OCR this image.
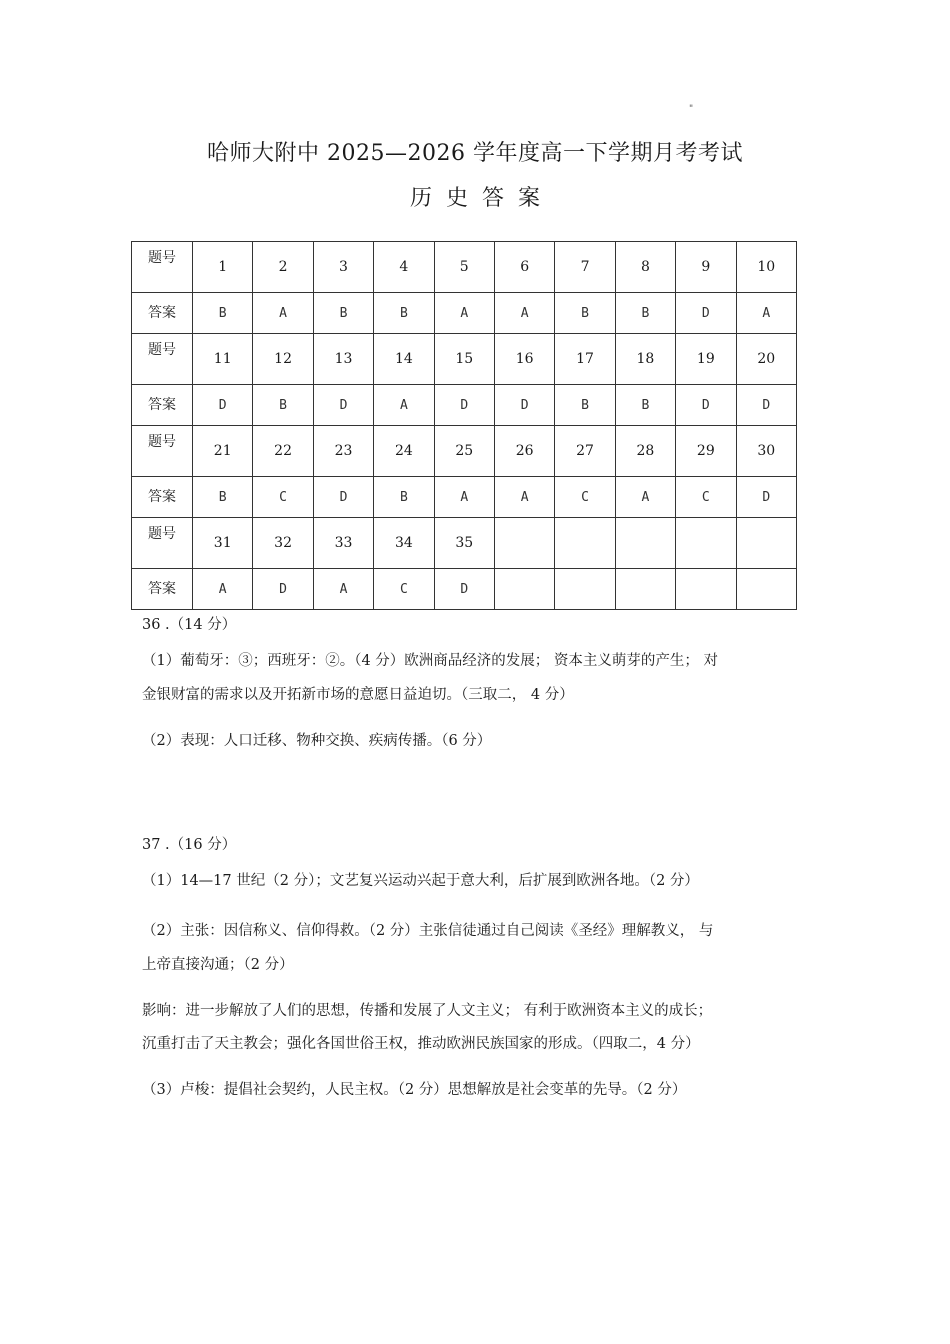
"
哈师大附中 2025—2026 学年度高一下学期月考考试
历史答案
题号	1	2	3	4	5	6	7	8	9	10
答案	B	A	B	B	A	A	B	B	D	A
题号	11	12	13	14	15	16	17	18	19	20
答案	D	B	D	A	D	D	B	B	D	D
题号	21	22	23	24	25	26	27	28	29	30
答案	B	C	D	B	A	A	C	A	C	D
题号	31	32	33	34	35					
答案	A	D	A	C	D					
36 .（14 分）
（1）葡萄牙：③；西班牙：②。（4 分）欧洲商品经济的发展； 资本主义萌芽的产生； 对
金银财富的需求以及开拓新市场的意愿日益迫切。（三取二， 4 分）
（2）表现：人口迁移、物种交换、疾病传播。（6 分）
37 .（16 分）
（1）14—17 世纪（2 分）；文艺复兴运动兴起于意大利，后扩展到欧洲各地。（2 分）
（2）主张：因信称义、信仰得救。（2 分）主张信徒通过自己阅读《圣经》理解教义， 与
上帝直接沟通；（2 分）
影响：进一步解放了人们的思想，传播和发展了人文主义； 有利于欧洲资本主义的成长；
沉重打击了天主教会；强化各国世俗王权，推动欧洲民族国家的形成。（四取二，4 分）
（3）卢梭：提倡社会契约，人民主权。（2 分）思想解放是社会变革的先导。（2 分）
